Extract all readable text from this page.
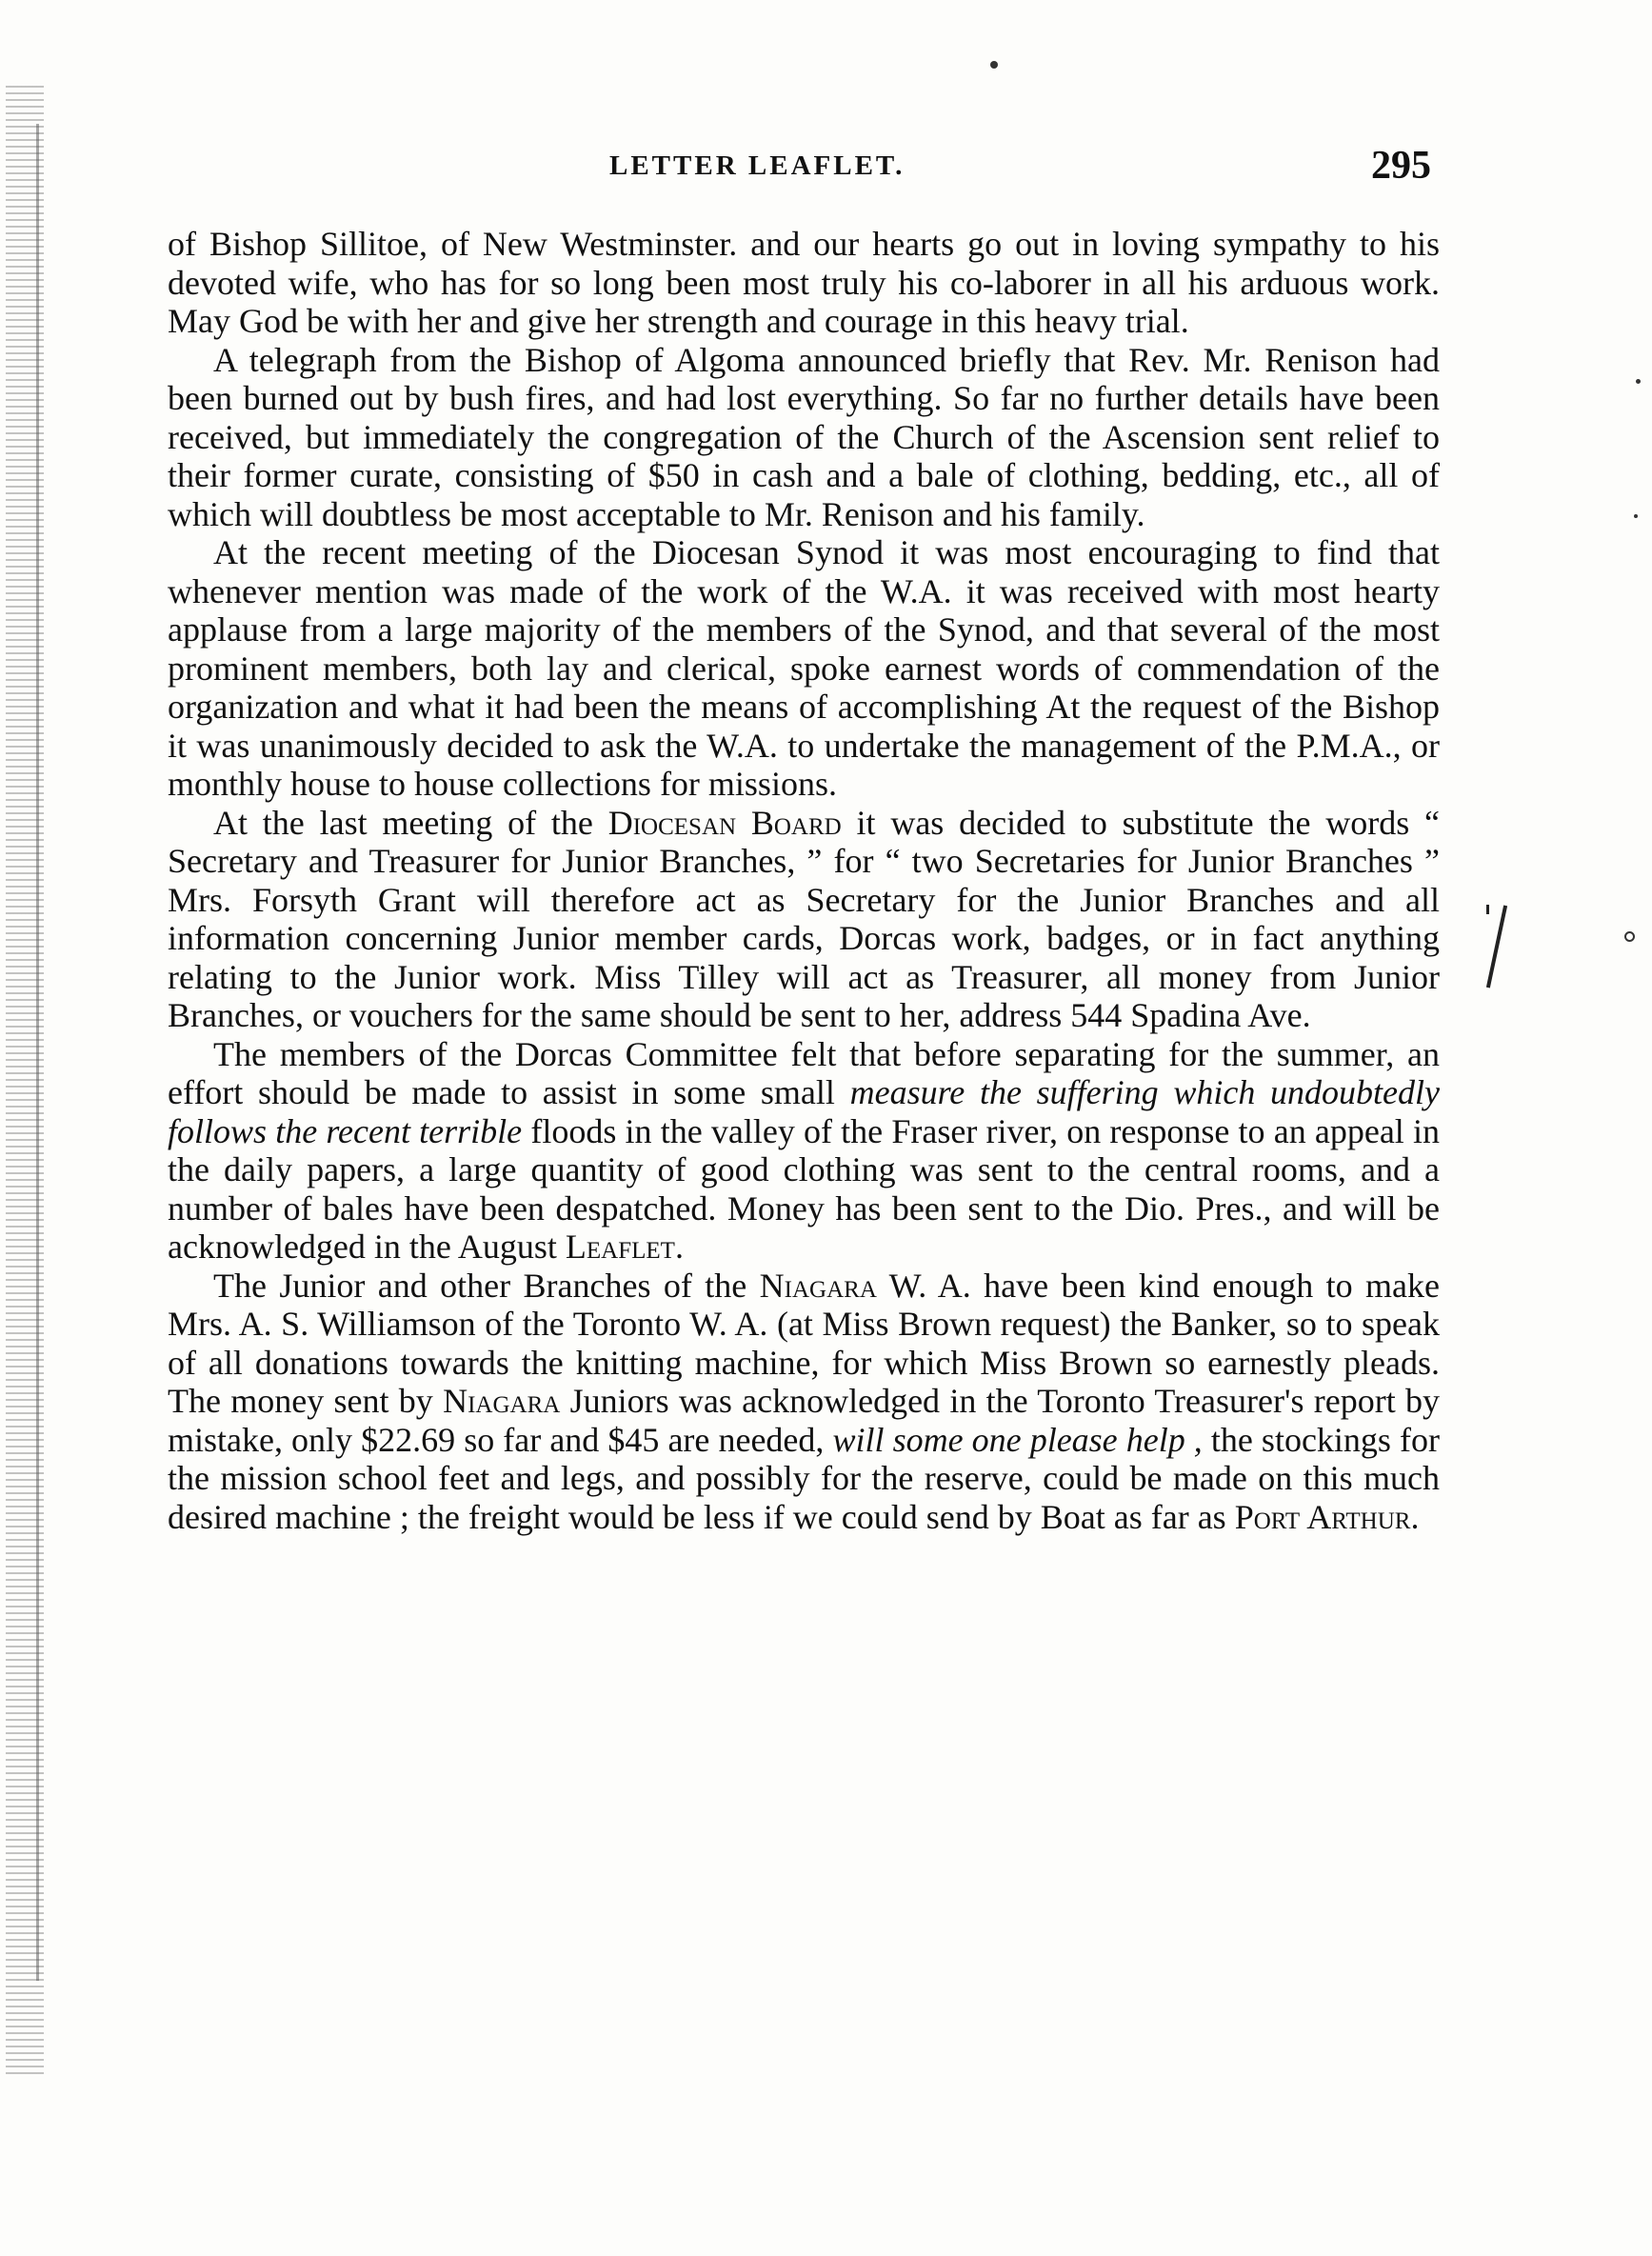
LETTER LEAFLET.	295

of Bishop Sillitoe, of New Westminster. and our hearts go out in loving sympathy to his devoted wife, who has for so long been most truly his co-laborer in all his arduous work. May God be with her and give her strength and courage in this heavy trial.

A telegraph from the Bishop of Algoma announced briefly that Rev. Mr. Renison had been burned out by bush fires, and had lost everything. So far no further details have been received, but immediately the congregation of the Church of the Ascension sent relief to their former curate, consisting of $50 in cash and a bale of clothing, bedding, etc., all of which will doubtless be most acceptable to Mr. Renison and his family.

At the recent meeting of the Diocesan Synod it was most encouraging to find that whenever mention was made of the work of the W.A. it was received with most hearty applause from a large majority of the members of the Synod, and that several of the most prominent members, both lay and clerical, spoke earnest words of commendation of the organization and what it had been the means of accomplishing At the request of the Bishop it was unanimously decided to ask the W.A. to undertake the management of the P.M.A., or monthly house to house collections for missions.

At the last meeting of the Diocesan Board it was decided to substitute the words “ Secretary and Treasurer for Junior Branches, ” for “ two Secretaries for Junior Branches ” Mrs. Forsyth Grant will therefore act as Secretary for the Junior Branches and all information concerning Junior member cards, Dorcas work, badges, or in fact anything relating to the Junior work. Miss Tilley will act as Treasurer, all money from Junior Branches, or vouchers for the same should be sent to her, address 544 Spadina Ave.

The members of the Dorcas Committee felt that before separating for the summer, an effort should be made to assist in some small measure the suffering which undoubtedly follows the recent terrible floods in the valley of the Fraser river, on response to an appeal in the daily papers, a large quantity of good clothing was sent to the central rooms, and a number of bales have been despatched. Money has been sent to the Dio. Pres., and will be acknowledged in the August Leaflet.

The Junior and other Branches of the Niagara W. A. have been kind enough to make Mrs. A. S. Williamson of the Toronto W. A. (at Miss Brown request) the Banker, so to speak of all donations towards the knitting machine, for which Miss Brown so earnestly pleads. The money sent by Niagara Juniors was acknowledged in the Toronto Treasurer's report by mistake, only $22.69 so far and $45 are needed, will some one please help , the stockings for the mission school feet and legs, and possibly for the reserve, could be made on this much desired machine ; the freight would be less if we could send by Boat as far as Port Arthur.
